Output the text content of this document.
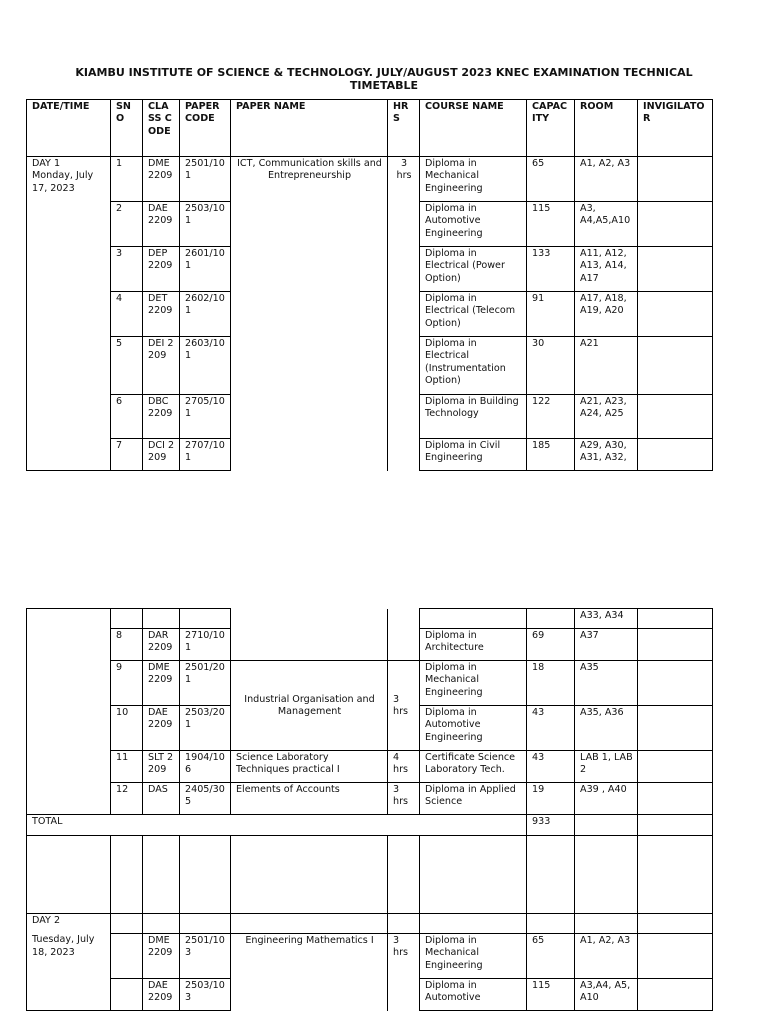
KIAMBU INSTITUTE OF SCIENCE & TECHNOLOGY. JULY/AUGUST 2023 KNEC EXAMINATION TECHNICAL TIMETABLE
DATE/TIME	SNO	CLASS CODE	PAPER CODE	PAPER NAME	HRS	COURSE NAME	CAPACITY	ROOM	INVIGILATOR

DAY 1
Monday, July 17, 2023	1	DME 2209	2501/101	ICT, Communication skills and Entrepreneurship	3 hrs	Diploma in Mechanical Engineering	65	A1, A2, A3	
	2	DAE 2209	2503/101			Diploma in Automotive Engineering	115	A3, A4,A5,A10	
	3	DEP 2209	2601/101			Diploma in Electrical (Power Option)	133	A11, A12, A13, A14, A17	
	4	DET 2209	2602/101			Diploma in Electrical (Telecom Option)	91	A17, A18, A19, A20	
	5	DEI 2209	2603/101			Diploma in Electrical (Instrumentation Option)	30	A21	
	6	DBC 2209	2705/101			Diploma in Building Technology	122	A21, A23, A24, A25	
	7	DCI 2209	2707/101			Diploma in Civil Engineering	185	A29, A30, A31, A32,	
								A33, A34	
	8	DAR 2209	2710/101			Diploma in Architecture	69	A37	
	9	DME 2209	2501/201	Industrial Organisation and Management	3 hrs	Diploma in Mechanical Engineering	18	A35	
	10	DAE 2209	2503/201			Diploma in Automotive Engineering	43	A35, A36	
	11	SLT 2209	1904/106	Science Laboratory Techniques practical I	4 hrs	Certificate Science Laboratory Tech.	43	LAB 1, LAB 2	
	12	DAS	2405/305	Elements of Accounts	3 hrs	Diploma in Applied Science	19	A39 , A40	
TOTAL							933		

DAY 2
Tuesday, July 18, 2023									

		DME 2209	2501/103	Engineering Mathematics I	3 hrs	Diploma in Mechanical Engineering	65	A1, A2, A3	
		DAE 2209	2503/103			Diploma in Automotive	115	A3,A4, A5, A10	
